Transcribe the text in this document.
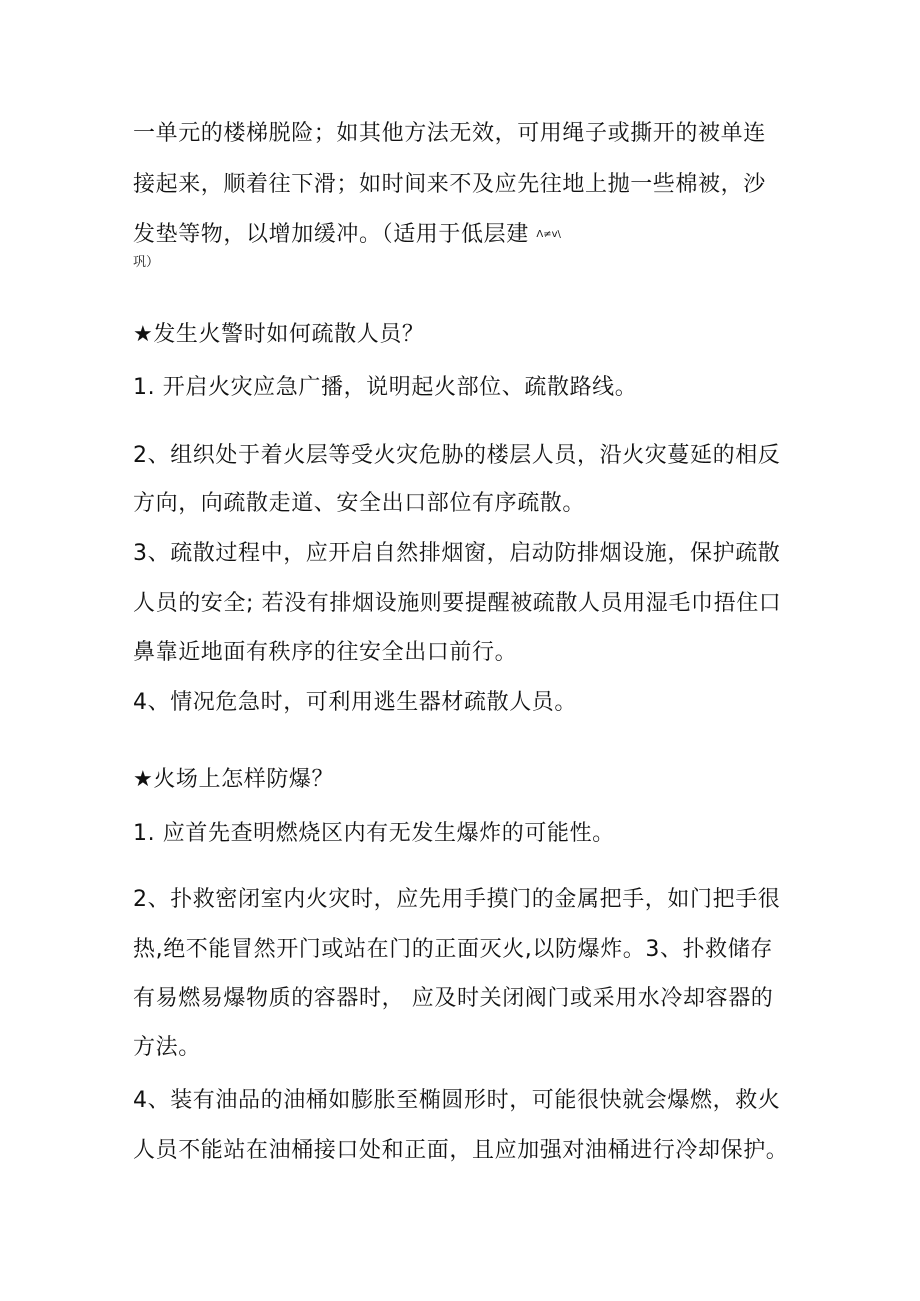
一单元的楼梯脱险；如其他方法无效，可用绳子或撕开的被单连
接起来，顺着往下滑；如时间来不及应先往地上抛一些棉被，沙
发垫等物，以增加缓冲。（适用于低层建 Λ≠v\
巩）
★发生火警时如何疏散人员？
1. 开启火灾应急广播，说明起火部位、疏散路线。
2、组织处于着火层等受火灾危胁的楼层人员，沿火灾蔓延的相反
方向，向疏散走道、安全出口部位有序疏散。
3、疏散过程中，应开启自然排烟窗，启动防排烟设施，保护疏散
人员的安全; 若没有排烟设施则要提醒被疏散人员用湿毛巾捂住口
鼻靠近地面有秩序的往安全出口前行。
4、情况危急时，可利用逃生器材疏散人员。
★火场上怎样防爆？
1. 应首先查明燃烧区内有无发生爆炸的可能性。
2、扑救密闭室内火灾时，应先用手摸门的金属把手，如门把手很
热,绝不能冒然开门或站在门的正面灭火,以防爆炸。3、扑救储存
有易燃易爆物质的容器时， 应及时关闭阀门或采用水冷却容器的
方法。
4、装有油品的油桶如膨胀至椭圆形时，可能很快就会爆燃，救火
人员不能站在油桶接口处和正面，且应加强对油桶进行冷却保护。
